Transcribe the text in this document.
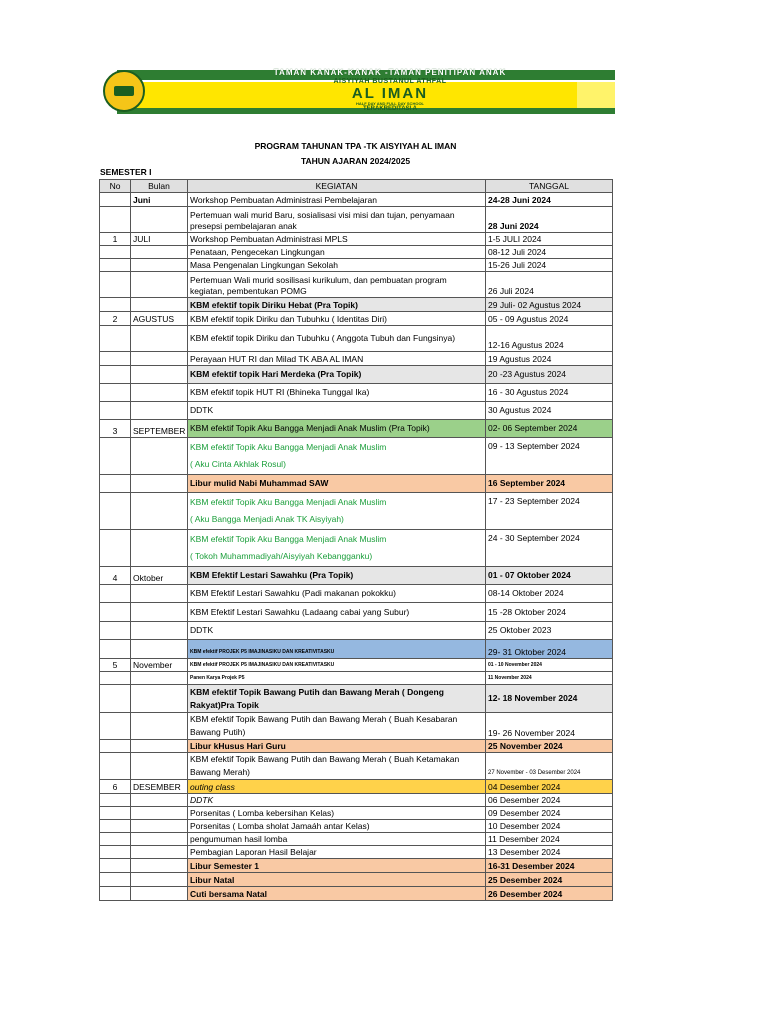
TEBON SIDOLUHUR GODEAN SLEMAN YOGYAKARTA, 55564,Tlp: (0274) 2854339, 0822 9896 5060, Email: allmantkaba@gmail.com
TAMAN KANAK-KANAK -TAMAN PENITIPAN ANAK
AISYIYAH BUSTANUL ATHFAL
AL IMAN
HALF DAY AND FULL DAY SCHOOL
TERAKREDITASI A
PROGRAM TAHUNAN TPA -TK AISYIYAH AL IMAN
TAHUN AJARAN 2024/2025
SEMESTER I
No	Bulan	KEGIATAN	TANGGAL
	Juni	Workshop Pembuatan Administrasi Pembelajaran	24-28 Juni 2024

		Pertemuan wali murid Baru, sosialisasi visi misi dan tujan, penyamaan
presepsi pembelajaran anak	28 Juni 2024
1	JULI	Workshop Pembuatan Administrasi MPLS	1-5 JULI 2024
		Penataan, Pengecekan Lingkungan	08-12 Juli 2024
		Masa Pengenalan Lingkungan Sekolah	15-26 Juli 2024

		Pertemuan Wali murid sosilisasi kurikulum, dan pembuatan program
kegiatan, pembentukan POMG	26 Juli 2024
		KBM efektif topik Diriku Hebat (Pra Topik)	29 Juli- 02 Agustus 2024
2	AGUSTUS	KBM efektif topik Diriku dan Tubuhku ( Identitas Diri)	05 - 09 Agustus 2024
		KBM efektif topik Diriku dan Tubuhku ( Anggota Tubuh dan Fungsinya)	12-16 Agustus 2024
		Perayaan HUT RI dan Milad TK ABA AL IMAN	19 Agustus 2024
		KBM efektif topik Hari Merdeka (Pra Topik)	20 -23 Agustus 2024
		KBM efektif topik HUT RI (Bhineka Tunggal Ika)	16 - 30 Agustus 2024
		DDTK	30 Agustus 2024
3	SEPTEMBER	KBM efektif Topik Aku Bangga Menjadi Anak Muslim (Pra Topik)	02- 06 September 2024

		KBM efektif Topik Aku Bangga Menjadi Anak Muslim
( Aku Cinta Akhlak Rosul)	09 - 13 September 2024
		Libur mulid Nabi Muhammad SAW	16 September 2024

		KBM efektif Topik Aku Bangga Menjadi Anak Muslim
( Aku Bangga Menjadi Anak TK Aisyiyah)	17 - 23 September 2024

		KBM efektif Topik Aku Bangga Menjadi Anak Muslim
( Tokoh Muhammadiyah/Aisyiyah Kebangganku)	24 - 30 September 2024
4	Oktober	KBM Efektif Lestari Sawahku (Pra Topik)	01 - 07 Oktober 2024
		KBM Efektif Lestari Sawahku (Padi makanan pokokku)	08-14 Oktober 2024
		KBM Efektif Lestari Sawahku (Ladaang cabai yang Subur)	15 -28 Oktober 2024
		DDTK	25 Oktober 2023
		KBM efektif PROJEK P5 IMAJINASIKU DAN KREATIVITASKU	29- 31 Oktober 2024
5	November	KBM efektif PROJEK P5 IMAJINASIKU DAN KREATIVITASKU	01 - 10 November 2024
		Panen Karya Projek P5	11 November 2024

		KBM efektif Topik Bawang Putih dan Bawang Merah ( Dongeng
Rakyat)Pra Topik	12- 18 November 2024

		KBM efektif Topik Bawang Putih dan Bawang Merah ( Buah Kesabaran
Bawang Putih)	19- 26 November 2024
		Libur kHusus Hari Guru	25 November 2024

		KBM efektif Topik Bawang Putih dan Bawang Merah ( Buah Ketamakan
Bawang Merah)	27 November - 03 Desember 2024
6	DESEMBER	outing class	04 Desember 2024
		DDTK	06 Desember 2024
		Porsenitas ( Lomba kebersihan Kelas)	09 Desember 2024
		Porsenitas ( Lomba sholat Jamaáh antar Kelas)	10 Desember 2024
		pengumuman hasil lomba	11 Desember 2024
		Pembagian Laporan Hasil Belajar	13 Desember 2024
		Libur Semester 1	16-31 Desember 2024
		Libur Natal	25 Desember 2024
		Cuti bersama Natal	26 Desember 2024
